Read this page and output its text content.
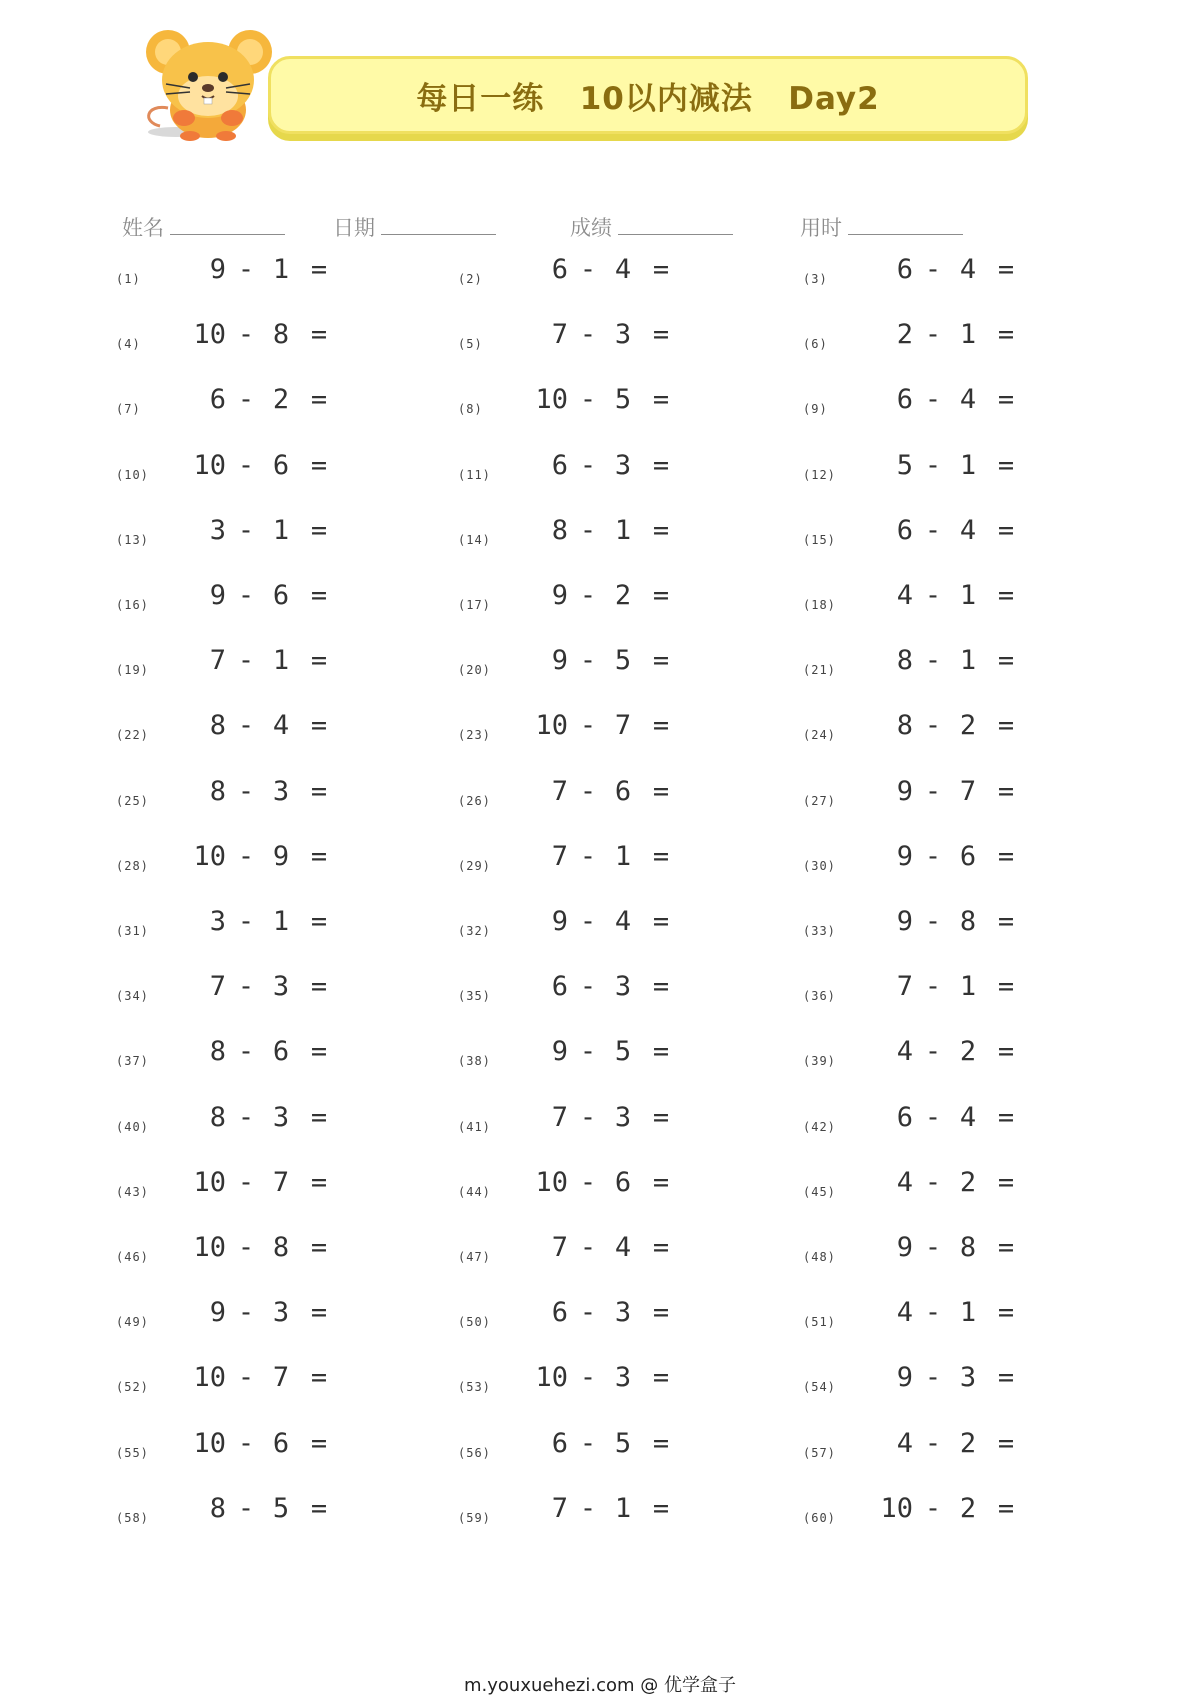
每日一练   10以内减法   Day2
姓名	日期	成绩	用时
(1)	9 - 1 =	(2)	6 - 4 =	(3)	6 - 4 =
(4)	10 - 8 =	(5)	7 - 3 =	(6)	2 - 1 =
(7)	6 - 2 =	(8)	10 - 5 =	(9)	6 - 4 =
(10)	10 - 6 =	(11)	6 - 3 =	(12)	5 - 1 =
(13)	3 - 1 =	(14)	8 - 1 =	(15)	6 - 4 =
(16)	9 - 6 =	(17)	9 - 2 =	(18)	4 - 1 =
(19)	7 - 1 =	(20)	9 - 5 =	(21)	8 - 1 =
(22)	8 - 4 =	(23)	10 - 7 =	(24)	8 - 2 =
(25)	8 - 3 =	(26)	7 - 6 =	(27)	9 - 7 =
(28)	10 - 9 =	(29)	7 - 1 =	(30)	9 - 6 =
(31)	3 - 1 =	(32)	9 - 4 =	(33)	9 - 8 =
(34)	7 - 3 =	(35)	6 - 3 =	(36)	7 - 1 =
(37)	8 - 6 =	(38)	9 - 5 =	(39)	4 - 2 =
(40)	8 - 3 =	(41)	7 - 3 =	(42)	6 - 4 =
(43)	10 - 7 =	(44)	10 - 6 =	(45)	4 - 2 =
(46)	10 - 8 =	(47)	7 - 4 =	(48)	9 - 8 =
(49)	9 - 3 =	(50)	6 - 3 =	(51)	4 - 1 =
(52)	10 - 7 =	(53)	10 - 3 =	(54)	9 - 3 =
(55)	10 - 6 =	(56)	6 - 5 =	(57)	4 - 2 =
(58)	8 - 5 =	(59)	7 - 1 =	(60)	10 - 2 =
m.youxuehezi.com @ 优学盒子
